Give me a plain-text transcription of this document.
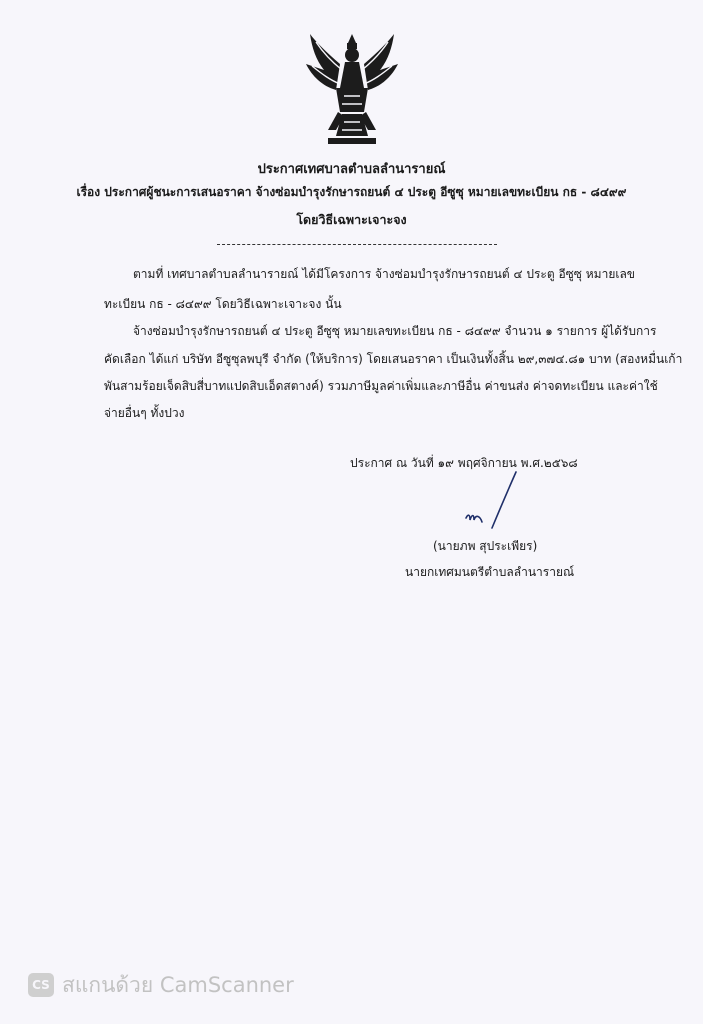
ประกาศเทศบาลตำบลลำนารายณ์
เรื่อง ประกาศผู้ชนะการเสนอราคา จ้างซ่อมบำรุงรักษารถยนต์ ๔ ประตู อีซูซุ หมายเลขทะเบียน กธ - ๘๔๙๙
โดยวิธีเฉพาะเจาะจง
ตามที่ เทศบาลตำบลลำนารายณ์ ได้มีโครงการ จ้างซ่อมบำรุงรักษารถยนต์ ๔ ประตู อีซูซุ หมายเลข
ทะเบียน กธ - ๘๔๙๙ โดยวิธีเฉพาะเจาะจง นั้น
จ้างซ่อมบำรุงรักษารถยนต์ ๔ ประตู อีซูซุ หมายเลขทะเบียน กธ - ๘๔๙๙ จำนวน ๑ รายการ ผู้ได้รับการ
คัดเลือก ได้แก่ บริษัท อีซูซุลพบุรี จำกัด (ให้บริการ) โดยเสนอราคา เป็นเงินทั้งสิ้น ๒๙,๓๗๔.๘๑ บาท (สองหมื่นเก้า
พันสามร้อยเจ็ดสิบสี่บาทแปดสิบเอ็ดสตางค์) รวมภาษีมูลค่าเพิ่มและภาษีอื่น ค่าขนส่ง ค่าจดทะเบียน และค่าใช้
จ่ายอื่นๆ ทั้งปวง
ประกาศ ณ วันที่ ๑๙ พฤศจิกายน พ.ศ.๒๕๖๘
(นายภพ สุประเพียร)
นายกเทศมนตรีตำบลลำนารายณ์
CS สแกนด้วย CamScanner
